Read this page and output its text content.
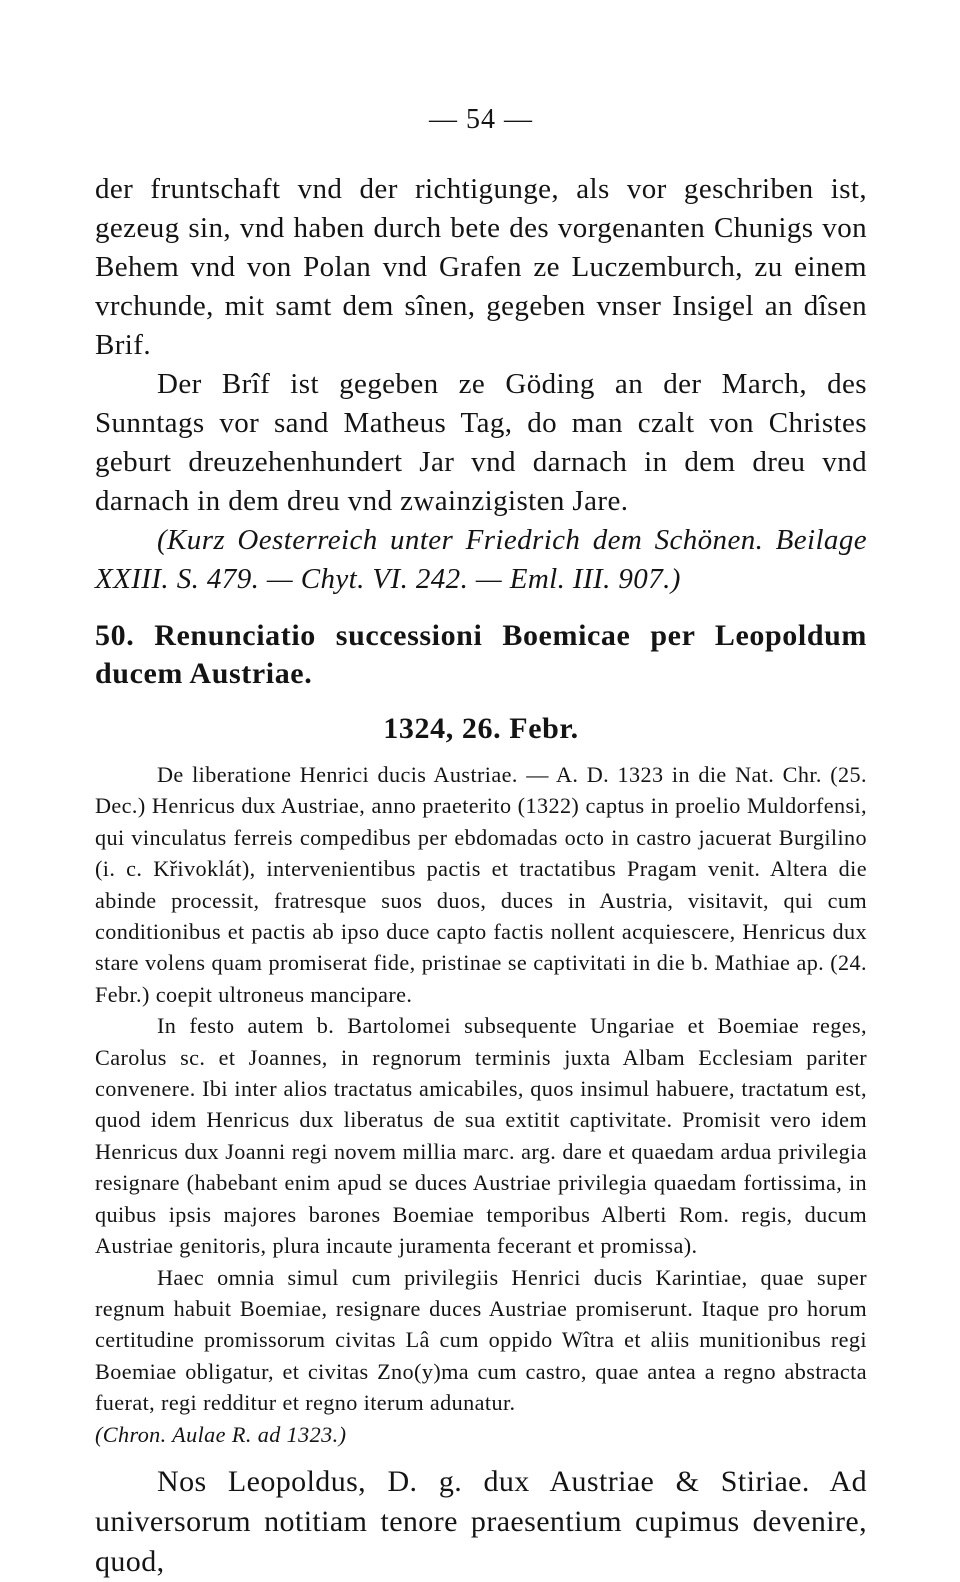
— 54 —

der fruntschaft vnd der richtigunge, als vor geschriben ist, gezeug sin, vnd haben durch bete des vorgenanten Chunigs von Behem vnd von Polan vnd Grafen ze Luczemburch, zu einem vrchunde, mit samt dem sînen, gegeben vnser Insigel an dîsen Brif.

Der Brîf ist gegeben ze Göding an der March, des Sunntags vor sand Matheus Tag, do man czalt von Christes geburt dreuzehenhundert Jar vnd darnach in dem dreu vnd darnach in dem dreu vnd zwainzigisten Jare.

(Kurz Oesterreich unter Friedrich dem Schönen. Beilage XXIII. S. 479. — Chyt. VI. 242. — Eml. III. 907.)

50. Renunciatio successioni Boemicae per Leopoldum ducem Austriae.

1324, 26. Febr.

De liberatione Henrici ducis Austriae. — A. D. 1323 in die Nat. Chr. (25. Dec.) Henricus dux Austriae, anno praeterito (1322) captus in proelio Muldorfensi, qui vinculatus ferreis compedibus per ebdomadas octo in castro jacuerat Burgilino (i. c. Křivoklát), intervenientibus pactis et tractatibus Pragam venit. Altera die abinde processit, fratresque suos duos, duces in Austria, visitavit, qui cum conditionibus et pactis ab ipso duce capto factis nollent acquiescere, Henricus dux stare volens quam promiserat fide, pristinae se captivitati in die b. Mathiae ap. (24. Febr.) coepit ultroneus mancipare.

In festo autem b. Bartolomei subsequente Ungariae et Boemiae reges, Carolus sc. et Joannes, in regnorum terminis juxta Albam Ecclesiam pariter convenere. Ibi inter alios tractatus amicabiles, quos insimul habuere, tractatum est, quod idem Henricus dux liberatus de sua extitit captivitate. Promisit vero idem Henricus dux Joanni regi novem millia marc. arg. dare et quaedam ardua privilegia resignare (habebant enim apud se duces Austriae privilegia quaedam fortissima, in quibus ipsis majores barones Boemiae temporibus Alberti Rom. regis, ducum Austriae genitoris, plura incaute juramenta fecerant et promissa).

Haec omnia simul cum privilegiis Henrici ducis Karintiae, quae super regnum habuit Boemiae, resignare duces Austriae promiserunt. Itaque pro horum certitudine promissorum civitas Lâ cum oppido Wîtra et aliis munitionibus regi Boemiae obligatur, et civitas Zno(y)ma cum castro, quae antea a regno abstracta fuerat, regi redditur et regno iterum adunatur.

(Chron. Aulae R. ad 1323.)

Nos Leopoldus, D. g. dux Austriae & Stiriae. Ad universorum notitiam tenore praesentium cupimus devenire, quod,
